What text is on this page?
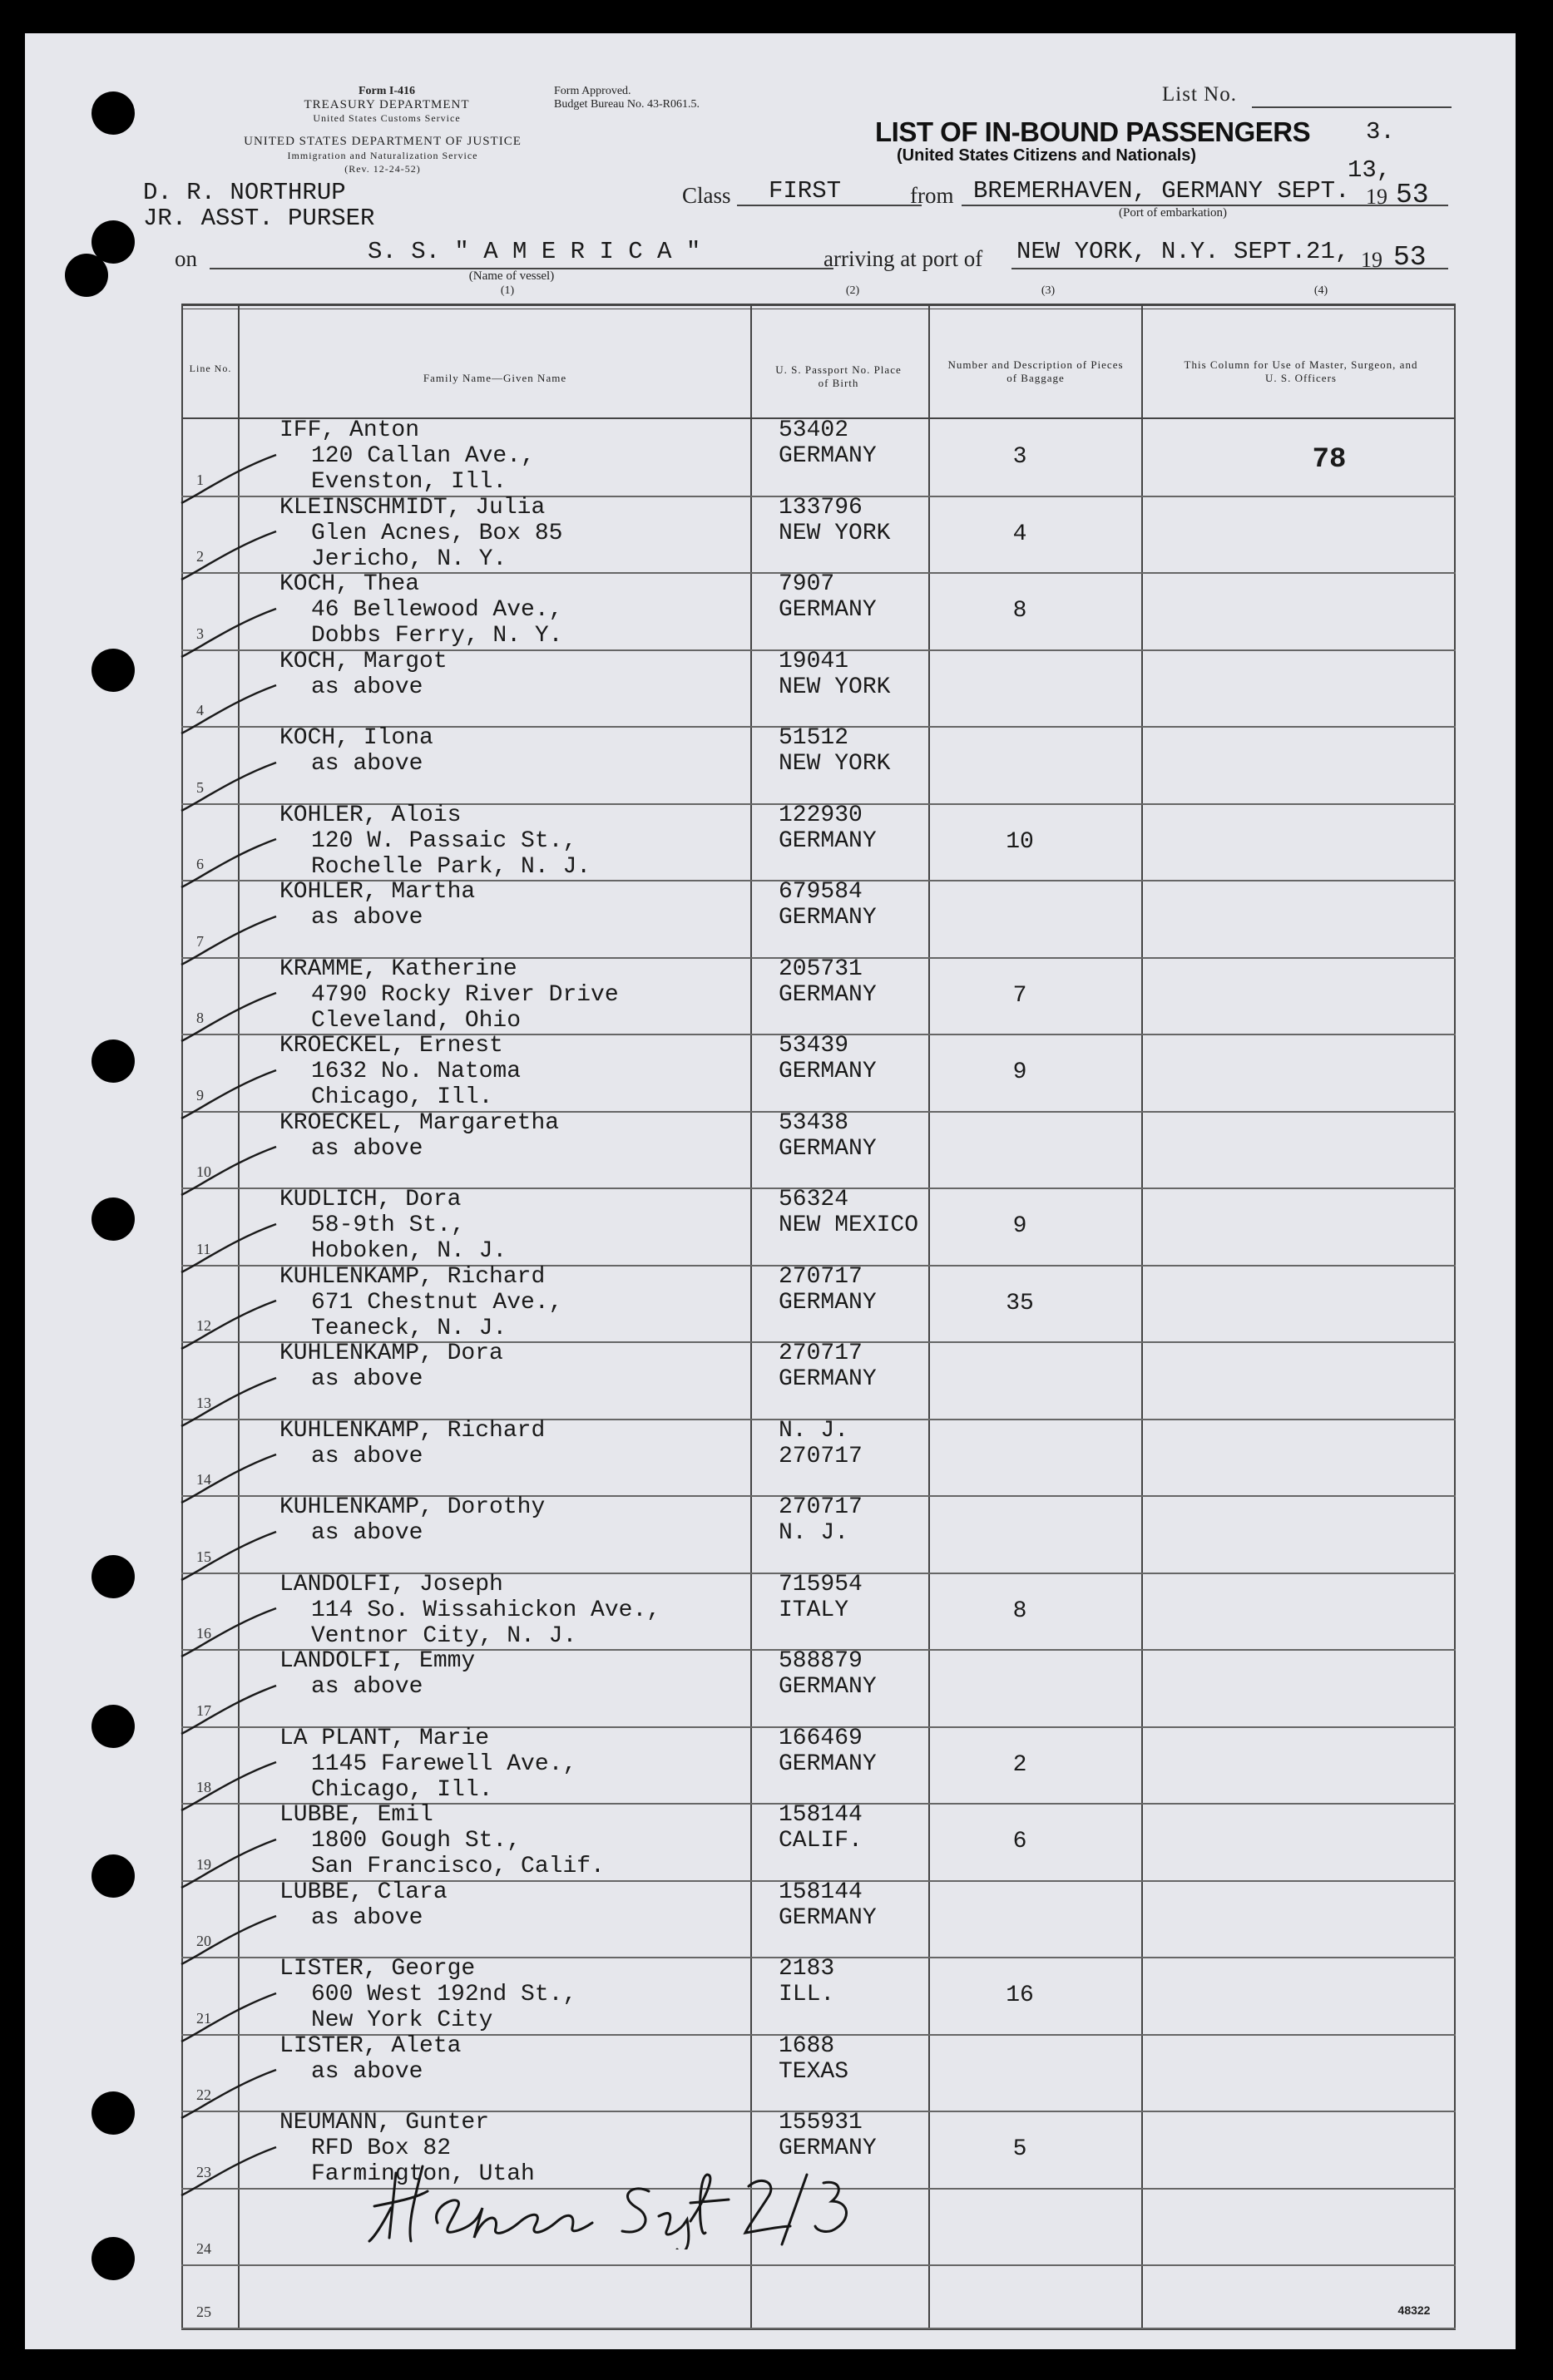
Form I-416
TREASURY DEPARTMENT
United States Customs Service
UNITED STATES DEPARTMENT OF JUSTICE
Immigration and Naturalization Service
(Rev. 12-24-52)
Form Approved.
Budget Bureau No. 43-R061.5.	List No.
3.
LIST OF IN-BOUND PASSENGERS
(United States Citizens and Nationals)
D. R. NORTHRUP
JR. ASST. PURSER
Class FIRST	from BREMERHAVEN, GERMANY SEPT.
13,
19 53
(Port of embarkation)
on	S. S. " A M E R I C A "
(Name of vessel)
arriving at port of NEW YORK, N.Y. SEPT.21, 19 53
(1)	(2)	(3)	(4)
Line No.
Family Name—Given Name
U. S. Passport No. Place of Birth
Number and Description of Pieces of Baggage
This Column for Use of Master, Surgeon, and U. S. Officers
1
IFF, Anton
120 Callan Ave.,
Evenston, Ill.
53402
GERMANY	3	78
2
KLEINSCHMIDT, Julia
Glen Acnes, Box 85
Jericho, N. Y.
133796
NEW YORK	4
3
KOCH, Thea
46 Bellewood Ave.,
Dobbs Ferry, N. Y.
7907
GERMANY	8
4
KOCH, Margot
as above
19041
NEW YORK
5
KOCH, Ilona
as above
51512
NEW YORK
6
KOHLER, Alois
120 W. Passaic St.,
Rochelle Park, N. J.
122930
GERMANY	10
7
KOHLER, Martha
as above
679584
GERMANY
8
KRAMME, Katherine
4790 Rocky River Drive
Cleveland, Ohio
205731
GERMANY	7
9
KROECKEL, Ernest
1632 No. Natoma
Chicago, Ill.
53439
GERMANY	9
10
KROECKEL, Margaretha
as above
53438
GERMANY
11
KUDLICH, Dora
58-9th St.,
Hoboken, N. J.
56324
NEW MEXICO	9
12
KUHLENKAMP, Richard
671 Chestnut Ave.,
Teaneck, N. J.
270717
GERMANY	35
13
KUHLENKAMP, Dora
as above
270717
GERMANY
14
KUHLENKAMP, Richard
as above
N. J.
270717
15
KUHLENKAMP, Dorothy
as above
270717
N. J.
16
LANDOLFI, Joseph
114 So. Wissahickon Ave.,
Ventnor City, N. J.
715954
ITALY	8
17
LANDOLFI, Emmy
as above
588879
GERMANY
18
LA PLANT, Marie
1145 Farewell Ave.,
Chicago, Ill.
166469
GERMANY	2
19
LUBBE, Emil
1800 Gough St.,
San Francisco, Calif.
158144
CALIF.	6
20
LUBBE, Clara
as above
158144
GERMANY
21
LISTER, George
600 West 192nd St.,
New York City
2183
ILL.	16
22
LISTER, Aleta
as above
1688
TEXAS
23
NEUMANN, Gunter
RFD Box 82
Farmington, Utah
155931
GERMANY	5
24
25	48322
